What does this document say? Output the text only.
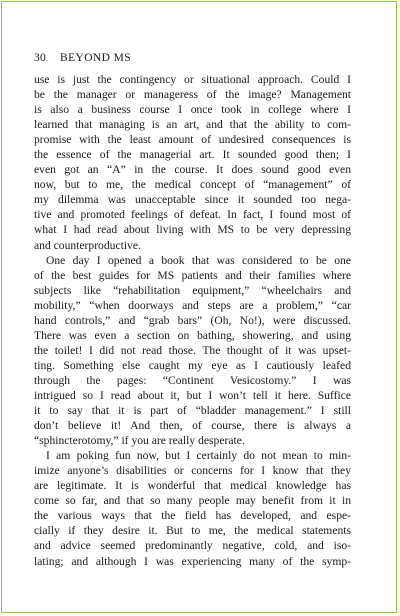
30 BEYOND MS

use is just the contingency or situational approach. Could I

be the manager or manageress of the image? Management

is also a business course I once took in college where I

learned that managing is an art, and that the ability to com-

promise with the least amount of undesired consequences is

the essence of the managerial art. It sounded good then; I

even got an “A” in the course. It does sound good even

now, but to me, the medical concept of “management” of

my dilemma was unacceptable since it sounded too nega-

tive and promoted feelings of defeat. In fact, I found most of

what I had read about living with MS to be very depressing

and counterproductive.

One day I opened a book that was considered to be one

of the best guides for MS patients and their families where

subjects like “rehabilitation equipment,” “wheelchairs and

mobility,” “when doorways and steps are a problem,” “car

hand controls,” and “grab bars” (Oh, No!), were discussed.

There was even a section on bathing, showering, and using

the toilet! I did not read those. The thought of it was upset-

ting. Something else caught my eye as I cautiously leafed

through the pages: “Continent Vesicostomy.” I was

intrigued so I read about it, but I won’t tell it here. Suffice

it to say that it is part of “bladder management.” I still

don’t believe it! And then, of course, there is always a

“sphincterotomy,” if you are really desperate.

I am poking fun now, but I certainly do not mean to min-

imize anyone’s disabilities or concerns for I know that they

are legitimate. It is wonderful that medical knowledge has

come so far, and that so many people may benefit from it in

the various ways that the field has developed, and espe-

cially if they desire it. But to me, the medical statements

and advice seemed predominantly negative, cold, and iso-

lating; and although I was experiencing many of the symp-
